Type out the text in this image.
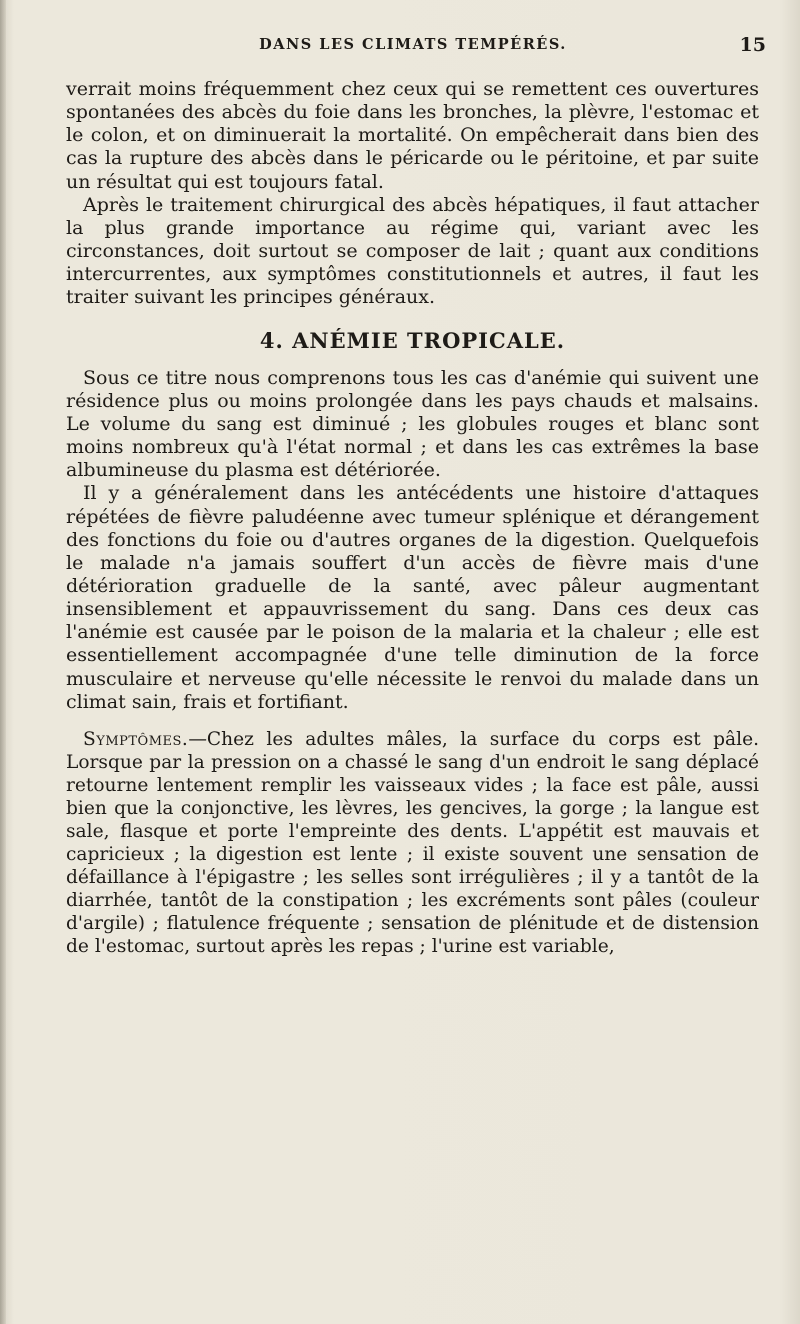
DANS LES CLIMATS TEMPÉRÉS.	15

verrait moins fréquemment chez ceux qui se remettent ces ouvertures spontanées des abcès du foie dans les bronches, la plèvre, l'estomac et le colon, et on diminuerait la mortalité. On empêcherait dans bien des cas la rupture des abcès dans le péricarde ou le péritoine, et par suite un résultat qui est toujours fatal.

Après le traitement chirurgical des abcès hépatiques, il faut attacher la plus grande importance au régime qui, variant avec les circonstances, doit surtout se composer de lait ; quant aux conditions intercurrentes, aux symptômes constitutionnels et autres, il faut les traiter suivant les principes généraux.

4. ANÉMIE TROPICALE.

Sous ce titre nous comprenons tous les cas d'anémie qui suivent une résidence plus ou moins prolongée dans les pays chauds et malsains. Le volume du sang est diminué ; les globules rouges et blanc sont moins nombreux qu'à l'état normal ; et dans les cas extrêmes la base albumineuse du plasma est détériorée.

Il y a généralement dans les antécédents une histoire d'attaques répétées de fièvre paludéenne avec tumeur splénique et dérangement des fonctions du foie ou d'autres organes de la digestion. Quelquefois le malade n'a jamais souffert d'un accès de fièvre mais d'une détérioration graduelle de la santé, avec pâleur augmentant insensiblement et appauvrissement du sang. Dans ces deux cas l'anémie est causée par le poison de la malaria et la chaleur ; elle est essentiellement accompagnée d'une telle diminution de la force musculaire et nerveuse qu'elle nécessite le renvoi du malade dans un climat sain, frais et fortifiant.

Symptômes.—Chez les adultes mâles, la surface du corps est pâle. Lorsque par la pression on a chassé le sang d'un endroit le sang déplacé retourne lentement remplir les vaisseaux vides ; la face est pâle, aussi bien que la conjonctive, les lèvres, les gencives, la gorge ; la langue est sale, flasque et porte l'empreinte des dents. L'appétit est mauvais et capricieux ; la digestion est lente ; il existe souvent une sensation de défaillance à l'épigastre ; les selles sont irrégulières ; il y a tantôt de la diarrhée, tantôt de la constipation ; les excréments sont pâles (couleur d'argile) ; flatulence fréquente ; sensation de plénitude et de distension de l'estomac, surtout après les repas ; l'urine est variable,
